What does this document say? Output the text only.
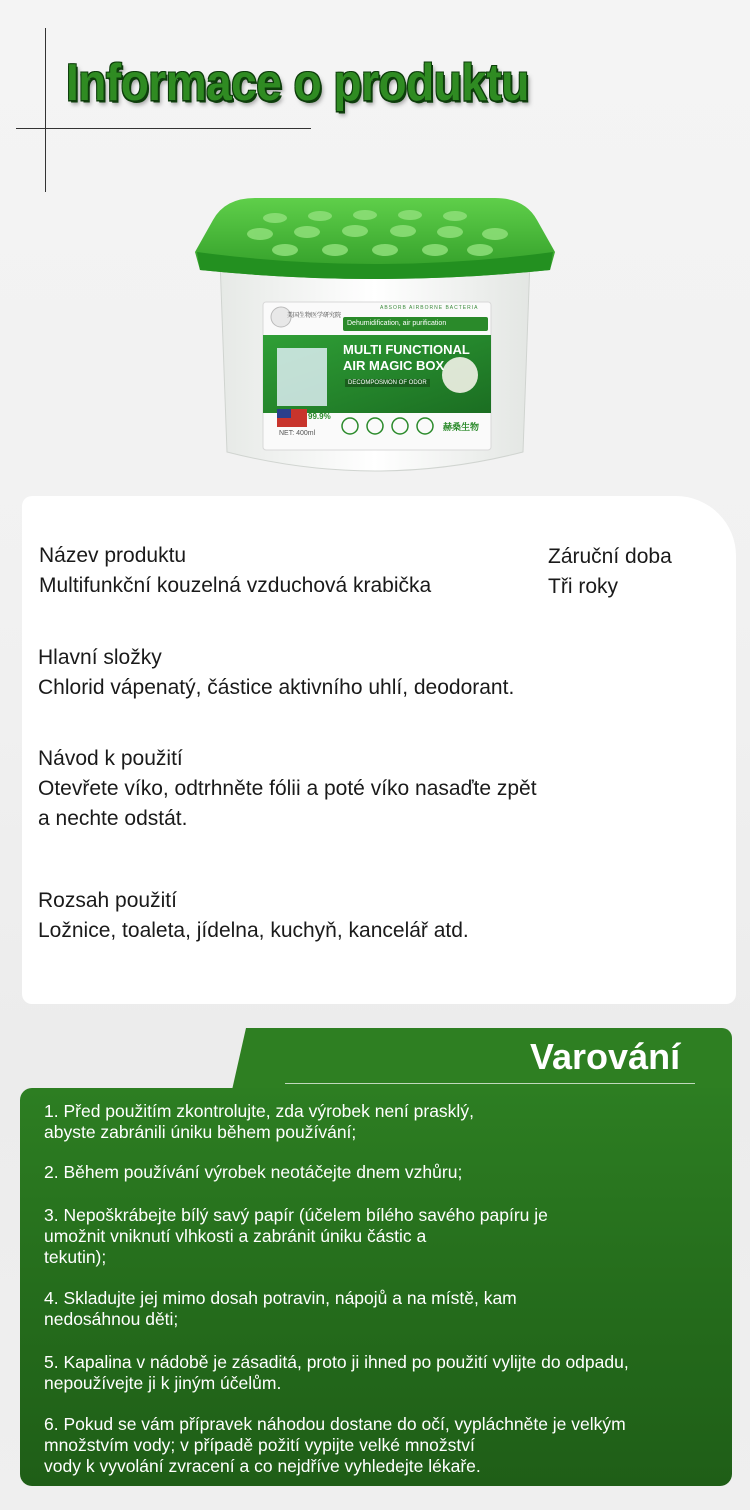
Informace o produktu
美国生物医学研究院
ABSORB AIRBORNE BACTERIA
Dehumidification, air purification
MULTI FUNCTIONAL
AIR MAGIC BOX
DECOMPOSMON OF ODOR
99.9%
NET: 400ml
赫桑生物
Název produktu
Multifunkční kouzelná vzduchová krabička
Záruční doba
Tři roky
Hlavní složky
Chlorid vápenatý, částice aktivního uhlí, deodorant.
Návod k použití
Otevřete víko, odtrhněte fólii a poté víko nasaďte zpět
a nechte odstát.
Rozsah použití
Ložnice, toaleta, jídelna, kuchyň, kancelář atd.
Varování
1. Před použitím zkontrolujte, zda výrobek není prasklý,
abyste zabránili úniku během používání;
2. Během používání výrobek neotáčejte dnem vzhůru;
3. Nepoškrábejte bílý savý papír (účelem bílého savého papíru je
umožnit vniknutí vlhkosti a zabránit úniku částic a
tekutin);
4. Skladujte jej mimo dosah potravin, nápojů a na místě, kam
nedosáhnou děti;
5. Kapalina v nádobě je zásaditá, proto ji ihned po použití vylijte do odpadu,
nepoužívejte ji k jiným účelům.
6. Pokud se vám přípravek náhodou dostane do očí, vypláchněte je velkým
množstvím vody; v případě požití vypijte velké množství
vody k vyvolání zvracení a co nejdříve vyhledejte lékaře.
